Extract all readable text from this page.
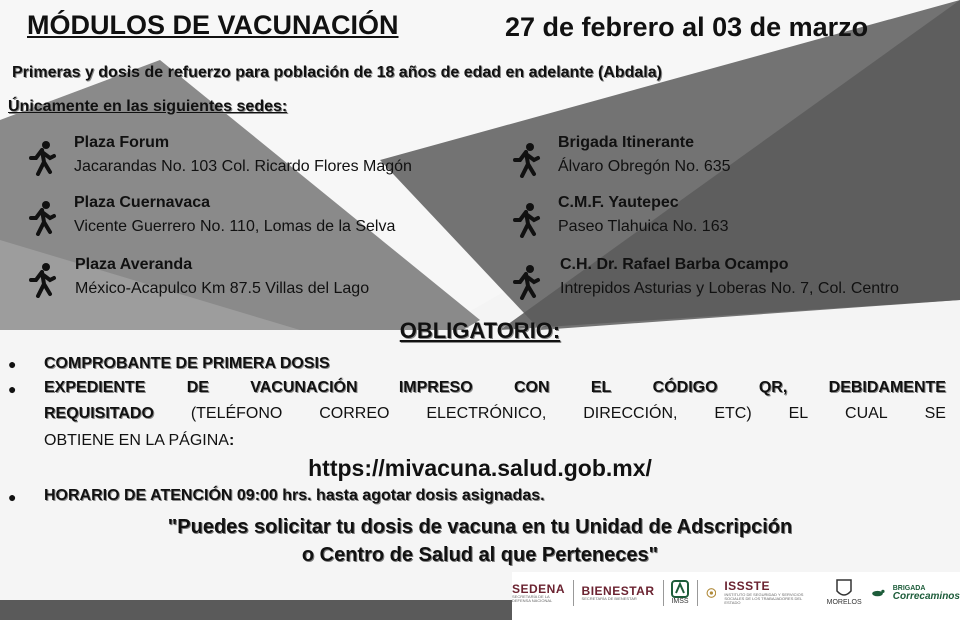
MÓDULOS DE VACUNACIÓN	27 de febrero al 03 de marzo
Primeras y dosis de refuerzo para población de 18 años de edad en adelante (Abdala)
Únicamente en las siguientes sedes:
Plaza Forum
Jacarandas No. 103 Col. Ricardo Flores Magón
Plaza Cuernavaca
Vicente Guerrero No. 110, Lomas de la Selva
Plaza Averanda
México-Acapulco Km 87.5 Villas del Lago
Brigada Itinerante
Álvaro Obregón No. 635
C.M.F. Yautepec
Paseo Tlahuica No. 163
C.H. Dr. Rafael Barba Ocampo
Intrepidos Asturias y Loberas No. 7, Col. Centro
OBLIGATORIO:
● COMPROBANTE DE PRIMERA DOSIS
● EXPEDIENTE	DE	VACUNACIÓN	IMPRESO	CON	EL	CÓDIGO	QR,	DEBIDAMENTE
REQUISITADO (TELÉFONO CORREO ELECTRÓNICO, DIRECCIÓN, ETC) EL CUAL SE
OBTIENE EN LA PÁGINA:
https://mivacuna.salud.gob.mx/
● HORARIO DE ATENCIÓN 09:00 hrs. hasta agotar dosis asignadas.
"Puedes solicitar tu dosis de vacuna en tu Unidad de Adscripción
o Centro de Salud al que Perteneces"
SEDENA
SECRETARÍA DE LA DEFENSA NACIONAL
BIENESTAR
SECRETARÍA DE BIENESTAR	IMSS
ISSSTE
INSTITUTO DE SEGURIDAD Y SERVICIOS SOCIALES DE LOS TRABAJADORES DEL ESTADO	MORELOS
BRIGADA
Correcaminos
